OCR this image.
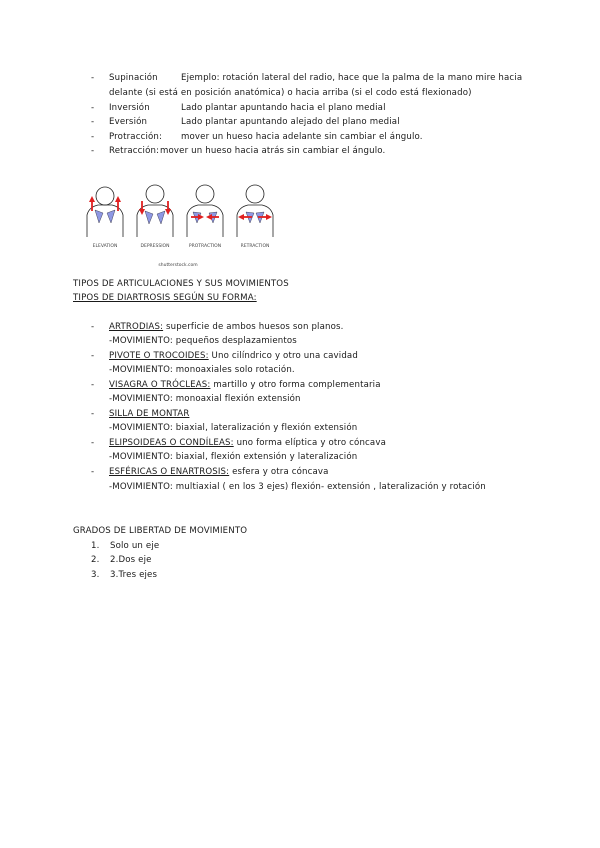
- Supinación	Ejemplo: rotación lateral del radio, hace que la palma de la mano mire hacia
delante (si está en posición anatómica) o hacia arriba (si el codo está flexionado)
- Inversión	Lado plantar apuntando hacia el plano medial
- Eversión	Lado plantar apuntando alejado del plano medial
- Protracción: mover un hueso hacia adelante sin cambiar el ángulo.
- Retracción: mover un hueso hacia atrás sin cambiar el ángulo.
ELEVATION	DEPRESSION	PROTRACTION	RETRACTION
shutterstock.com
TIPOS DE ARTICULACIONES Y SUS MOVIMIENTOS
TIPOS DE DIARTROSIS SEGÚN SU FORMA:
- ARTRODIAS: superficie de ambos huesos son planos.
-MOVIMIENTO: pequeños desplazamientos
- PIVOTE O TROCOIDES: Uno cilíndrico y otro una cavidad
-MOVIMIENTO: monoaxiales solo rotación.
- VISAGRA O TRÓCLEAS: martillo y otro forma complementaria
-MOVIMIENTO: monoaxial flexión extensión
- SILLA DE MONTAR
-MOVIMIENTO: biaxial, lateralización y flexión extensión
- ELIPSOIDEAS O CONDÍLEAS: uno forma elíptica y otro cóncava
-MOVIMIENTO: biaxial, flexión extensión y lateralización
- ESFÉRICAS O ENARTROSIS: esfera y otra cóncava
-MOVIMIENTO: multiaxial ( en los 3 ejes) flexión- extensión , lateralización y rotación
GRADOS DE LIBERTAD DE MOVIMIENTO
1. Solo un eje
2. 2.Dos eje
3. 3.Tres ejes
